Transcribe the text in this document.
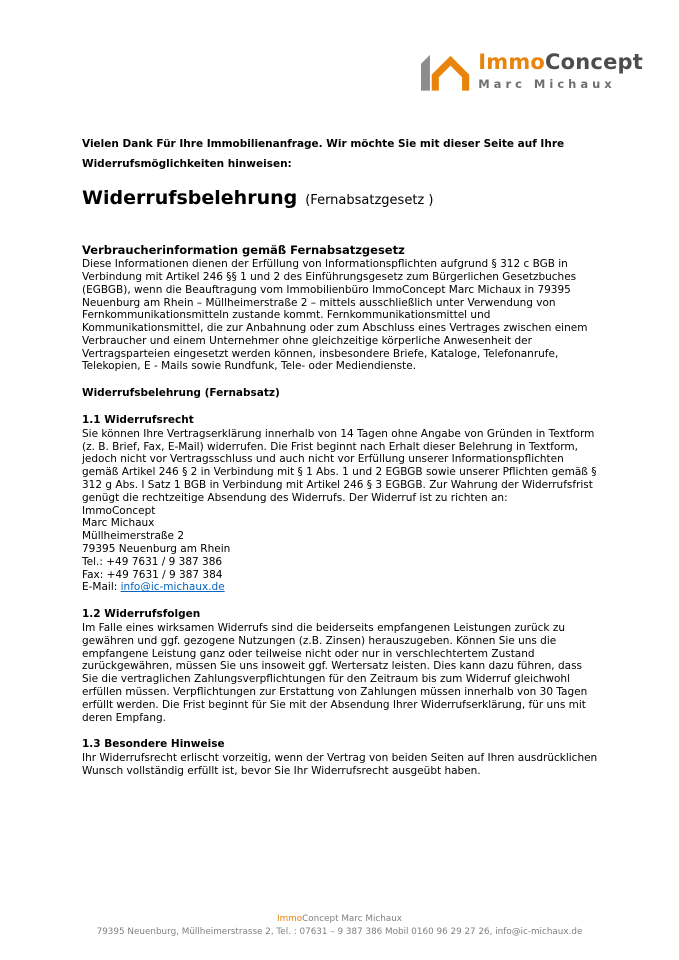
ImmoConcept
Marc Michaux

Vielen Dank Für Ihre Immobilienanfrage. Wir möchte Sie mit dieser Seite auf Ihre Widerrufsmöglichkeiten hinweisen:

Widerrufsbelehrung (Fernabsatzgesetz )
Verbraucherinformation gemäß Fernabsatzgesetz

Diese Informationen dienen der Erfüllung von Informationspflichten aufgrund § 312 c BGB in Verbindung mit Artikel 246 §§ 1 und 2 des Einführungsgesetz zum Bürgerlichen Gesetzbuches (EGBGB), wenn die Beauftragung vom Immobilienbüro ImmoConcept Marc Michaux in 79395 Neuenburg am Rhein – Müllheimerstraße 2 – mittels ausschließlich unter Verwendung von Fernkommunikationsmitteln zustande kommt. Fernkommunikationsmittel und Kommunikationsmittel, die zur Anbahnung oder zum Abschluss eines Vertrages zwischen einem Verbraucher und einem Unternehmer ohne gleichzeitige körperliche Anwesenheit der Vertragsparteien eingesetzt werden können, insbesondere Briefe, Kataloge, Telefonanrufe, Telekopien, E - Mails sowie Rundfunk, Tele- oder Mediendienste.

Widerrufsbelehrung (Fernabsatz)
1.1 Widerrufsrecht

Sie können Ihre Vertragserklärung innerhalb von 14 Tagen ohne Angabe von Gründen in Textform (z. B. Brief, Fax, E-Mail) widerrufen. Die Frist beginnt nach Erhalt dieser Belehrung in Textform, jedoch nicht vor Vertragsschluss und auch nicht vor Erfüllung unserer Informationspflichten gemäß Artikel 246 § 2 in Verbindung mit § 1 Abs. 1 und 2 EGBGB sowie unserer Pflichten gemäß § 312 g Abs. I Satz 1 BGB in Verbindung mit Artikel 246 § 3 EGBGB. Zur Wahrung der Widerrufsfrist genügt die rechtzeitige Absendung des Widerrufs. Der Widerruf ist zu richten an:

ImmoConcept
Marc Michaux
Müllheimerstraße 2
79395 Neuenburg am Rhein
Tel.: +49 7631 / 9 387 386
Fax: +49 7631 / 9 387 384
E-Mail: info@ic-michaux.de
1.2 Widerrufsfolgen

Im Falle eines wirksamen Widerrufs sind die beiderseits empfangenen Leistungen zurück zu gewähren und ggf. gezogene Nutzungen (z.B. Zinsen) herauszugeben. Können Sie uns die empfangene Leistung ganz oder teilweise nicht oder nur in verschlechtertem Zustand zurückgewähren, müssen Sie uns insoweit ggf. Wertersatz leisten. Dies kann dazu führen, dass Sie die vertraglichen Zahlungsverpflichtungen für den Zeitraum bis zum Widerruf gleichwohl erfüllen müssen. Verpflichtungen zur Erstattung von Zahlungen müssen innerhalb von 30 Tagen erfüllt werden. Die Frist beginnt für Sie mit der Absendung Ihrer Widerrufserklärung, für uns mit deren Empfang.

1.3 Besondere Hinweise

Ihr Widerrufsrecht erlischt vorzeitig, wenn der Vertrag von beiden Seiten auf Ihren ausdrücklichen Wunsch vollständig erfüllt ist, bevor Sie Ihr Widerrufsrecht ausgeübt haben.

ImmoConcept Marc Michaux
79395 Neuenburg, Müllheimerstrasse 2, Tel. : 07631 – 9 387 386 Mobil 0160 96 29 27 26, info@ic-michaux.de
